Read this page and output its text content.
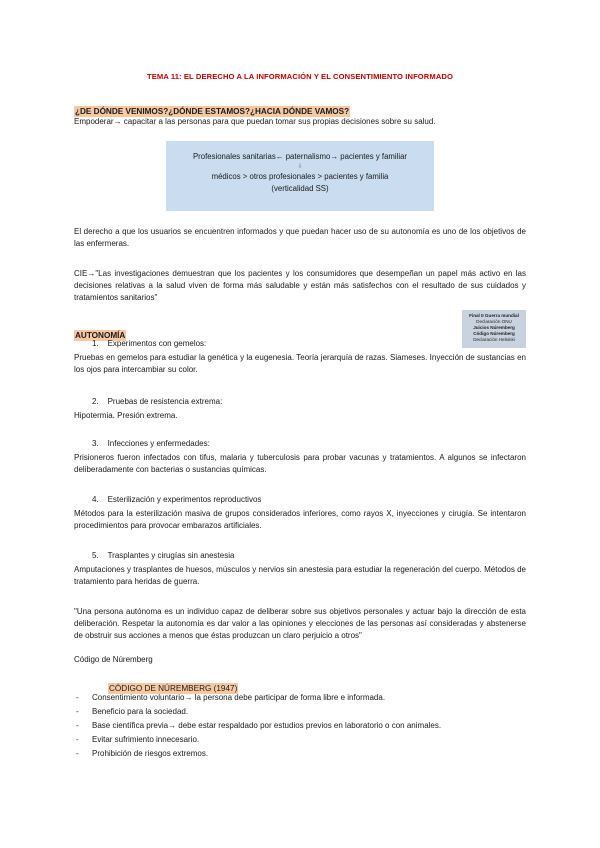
TEMA 11: EL DERECHO A LA INFORMACIÓN Y EL CONSENTIMIENTO INFORMADO
¿DE DÓNDE VENIMOS?¿DÓNDE ESTAMOS?¿HACIA DÓNDE VAMOS?
Empoderar→ capacitar a las personas para que puedan tomar sus propias decisiones sobre su salud.
Profesionales sanitarias← paternalismo→ pacientes y familiar
⇩
médicos > otros profesionales > pacientes y familia
(verticalidad SS)
El derecho a que los usuarios se encuentren informados y que puedan hacer uso de su autonomía es uno de los objetivos de las enfermeras.
CIE→"Las investigaciones demuestran que los pacientes y los consumidores que desempeñan un papel más activo en las decisiones relativas a la salud viven de forma más saludable y están más satisfechos con el resultado de sus cuidados y tratamientos sanitarios"
Final II Guerra mundial
Declaración ONU
Juicios Núremberg
Código Núremberg
Declaración Helsinki
AUTONOMÍA
1. Experimentos con gemelos:
Pruebas en gemelos para estudiar la genética y la eugenesia. Teoría jerarquía de razas. Siameses. Inyección de sustancias en los ojos para intercambiar su color.
2. Pruebas de resistencia extrema:
Hipotermia. Presión extrema.
3. Infecciones y enfermedades:
Prisioneros fueron infectados con tifus, malaria y tuberculosis para probar vacunas y tratamientos. A algunos se infectaron deliberadamente con bacterias o sustancias químicas.
4. Esterilización y experimentos reproductivos
Métodos para la esterilización masiva de grupos considerados inferiores, como rayos X, inyecciones y cirugía. Se intentaron procedimientos para provocar embarazos artificiales.
5. Trasplantes y cirugías sin anestesia
Amputaciones y trasplantes de huesos, músculos y nervios sin anestesia para estudiar la regeneración del cuerpo. Métodos de tratamiento para heridas de guerra.
"Una persona autónoma es un individuo capaz de deliberar sobre sus objetivos personales y actuar bajo la dirección de esta deliberación. Respetar la autonomía es dar valor a las opiniones y elecciones de las personas así consideradas y abstenerse de obstruir sus acciones a menos que éstas produzcan un claro perjuicio a otros"
Código de Núremberg
CÓDIGO DE NÚREMBERG (1947)
- Consentimiento voluntario→ la persona debe participar de forma libre e informada.
- Beneficio para la sociedad.
- Base científica previa→ debe estar respaldado por estudios previos en laboratorio o con animales.
- Evitar sufrimiento innecesario.
- Prohibición de riesgos extremos.
